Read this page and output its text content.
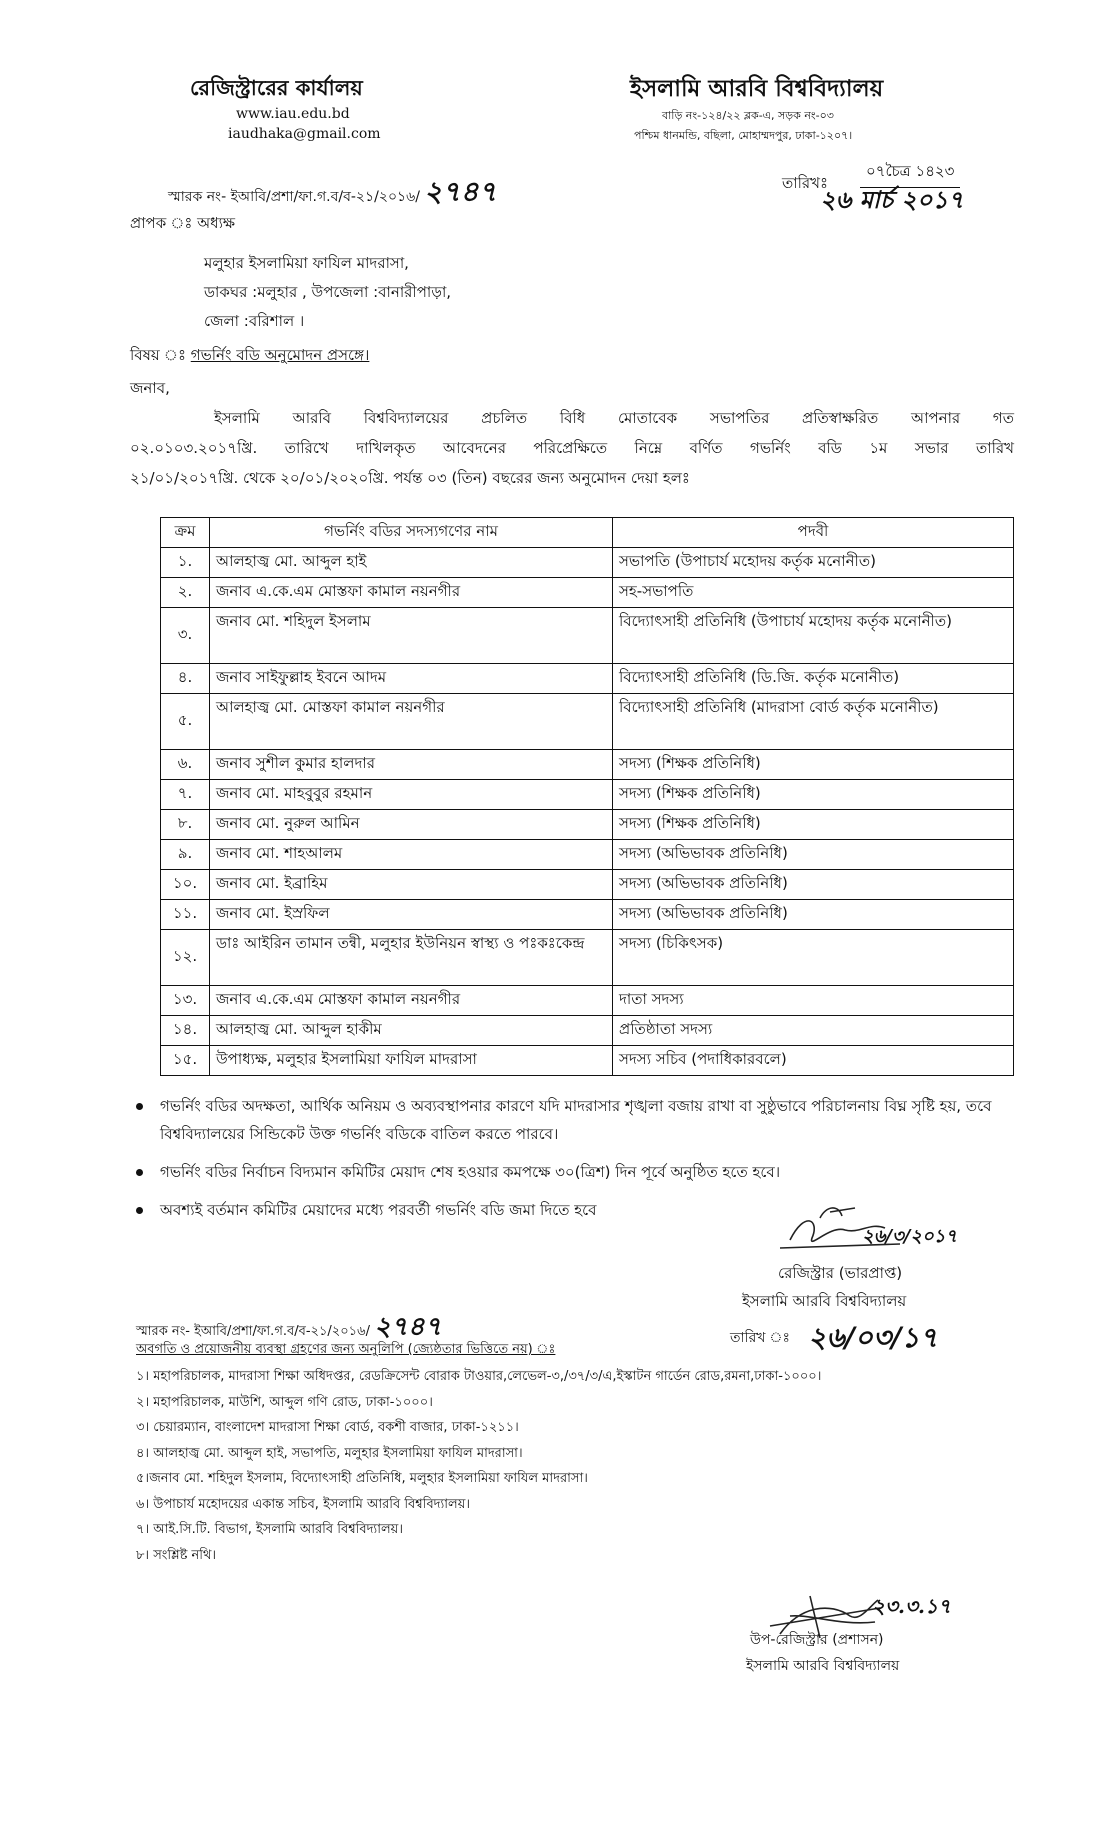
রেজিস্ট্রারের কার্যালয়
www.iau.edu.bd
iaudhaka@gmail.com
ইসলামি আরবি বিশ্ববিদ্যালয়
বাড়ি নং-১২৪/২২ ব্লক-এ, সড়ক নং-০৩
পশ্চিম ধানমন্ডি, বছিলা, মোহাম্মদপুর, ঢাকা-১২০৭।
স্মারক নং- ইআবি/প্রশা/ফা.গ.ব/ব-২১/২০১৬/ ২৭৪৭	তারিখঃ
০৭চৈত্র ১৪২৩
২৬ মার্চ ২০১৭
প্রাপক ঃ অধ্যক্ষ
মলুহার ইসলামিয়া ফাযিল মাদরাসা,
ডাকঘর :মলুহার , উপজেলা :বানারীপাড়া,
জেলা :বরিশাল ।
বিষয় ঃ গভর্নিং বডি অনুমোদন প্রসঙ্গে।
জনাব,
ইসলামি আরবি বিশ্ববিদ্যালয়ের প্রচলিত বিধি মোতাবেক সভাপতির প্রতিস্বাক্ষরিত আপনার গত
০২.০১০৩.২০১৭খ্রি. তারিখে দাখিলকৃত আবেদনের পরিপ্রেক্ষিতে নিম্নে বর্ণিত গভর্নিং বডি ১ম সভার তারিখ
২১/০১/২০১৭খ্রি. থেকে ২০/০১/২০২০খ্রি. পর্যন্ত ০৩ (তিন) বছরের জন্য অনুমোদন দেয়া হলঃ
ক্রম	গভর্নিং বডির সদস্যগণের নাম	পদবী
১.	আলহাজ্ব মো. আব্দুল হাই	সভাপতি (উপাচার্য মহোদয় কর্তৃক মনোনীত)
২.	জনাব এ.কে.এম মোস্তফা কামাল নয়নগীর	সহ-সভাপতি
৩.	জনাব মো. শহিদুল ইসলাম	বিদ্যোৎসাহী প্রতিনিধি (উপাচার্য মহোদয় কর্তৃক মনোনীত)
৪.	জনাব সাইফুল্লাহ ইবনে আদম	বিদ্যোৎসাহী প্রতিনিধি (ডি.জি. কর্তৃক মনোনীত)
৫.	আলহাজ্ব মো. মোস্তফা কামাল নয়নগীর	বিদ্যোৎসাহী প্রতিনিধি (মাদরাসা বোর্ড কর্তৃক মনোনীত)
৬.	জনাব সুশীল কুমার হালদার	সদস্য (শিক্ষক প্রতিনিধি)
৭.	জনাব মো. মাহবুবুর রহমান	সদস্য (শিক্ষক প্রতিনিধি)
৮.	জনাব মো. নুরুল আমিন	সদস্য (শিক্ষক প্রতিনিধি)
৯.	জনাব মো. শাহআলম	সদস্য (অভিভাবক প্রতিনিধি)
১০.	জনাব মো. ইব্রাহিম	সদস্য (অভিভাবক প্রতিনিধি)
১১.	জনাব মো. ইস্রফিল	সদস্য (অভিভাবক প্রতিনিধি)
১২.	ডাঃ আইরিন তামান তন্বী, মলুহার ইউনিয়ন স্বাস্থ্য ও পঃকঃকেন্দ্র	সদস্য (চিকিৎসক)
১৩.	জনাব এ.কে.এম মোস্তফা কামাল নয়নগীর	দাতা সদস্য
১৪.	আলহাজ্ব মো. আব্দুল হাকীম	প্রতিষ্ঠাতা সদস্য
১৫.	উপাধ্যক্ষ, মলুহার ইসলামিয়া ফাযিল মাদরাসা	সদস্য সচিব (পদাধিকারবলে)
গভর্নিং বডির অদক্ষতা, আর্থিক অনিয়ম ও অব্যবস্থাপনার কারণে যদি মাদরাসার শৃঙ্খলা বজায় রাখা বা সুষ্ঠুভাবে পরিচালনায় বিঘ্ন সৃষ্টি হয়, তবে বিশ্ববিদ্যালয়ের সিন্ডিকেট উক্ত গভর্নিং বডিকে বাতিল করতে পারবে।
গভর্নিং বডির নির্বাচন বিদ্যমান কমিটির মেয়াদ শেষ হওয়ার কমপক্ষে ৩০(ত্রিশ) দিন পূর্বে অনুষ্ঠিত হতে হবে।
অবশ্যই বর্তমান কমিটির মেয়াদের মধ্যে পরবর্তী গভর্নিং বডি জমা দিতে হবে
২৬/৩/২০১৭
রেজিস্ট্রার (ভারপ্রাপ্ত)
ইসলামি আরবি বিশ্ববিদ্যালয়
স্মারক নং- ইআবি/প্রশা/ফা.গ.ব/ব-২১/২০১৬/ ২৭৪৭	তারিখ ঃ ২৬/০৩/১৭
অবগতি ও প্রয়োজনীয় ব্যবস্থা গ্রহণের জন্য অনুলিপি (জ্যেষ্ঠতার ভিত্তিতে নয়) ঃ
১। মহাপরিচালক, মাদরাসা শিক্ষা অধিদপ্তর, রেডক্রিসেন্ট বোরাক টাওয়ার,লেভেল-৩,/৩৭/৩/এ,ইস্কাটন গার্ডেন রোড,রমনা,ঢাকা-১০০০।
২। মহাপরিচালক, মাউশি, আব্দুল গণি রোড, ঢাকা-১০০০।
৩। চেয়ারম্যান, বাংলাদেশ মাদরাসা শিক্ষা বোর্ড, বকশী বাজার, ঢাকা-১২১১।
৪। আলহাজ্ব মো. আব্দুল হাই, সভাপতি, মলুহার ইসলামিয়া ফাযিল মাদরাসা।
৫।জনাব মো. শহিদুল ইসলাম, বিদ্যোৎসাহী প্রতিনিধি, মলুহার ইসলামিয়া ফাযিল মাদরাসা।
৬। উপাচার্য মহোদয়ের একান্ত সচিব, ইসলামি আরবি বিশ্ববিদ্যালয়।
৭। আই.সি.টি. বিভাগ, ইসলামি আরবি বিশ্ববিদ্যালয়।
৮। সংশ্লিষ্ট নথি।
২৩.৩.১৭
উপ-রেজিস্ট্রার (প্রশাসন)
ইসলামি আরবি বিশ্ববিদ্যালয়
